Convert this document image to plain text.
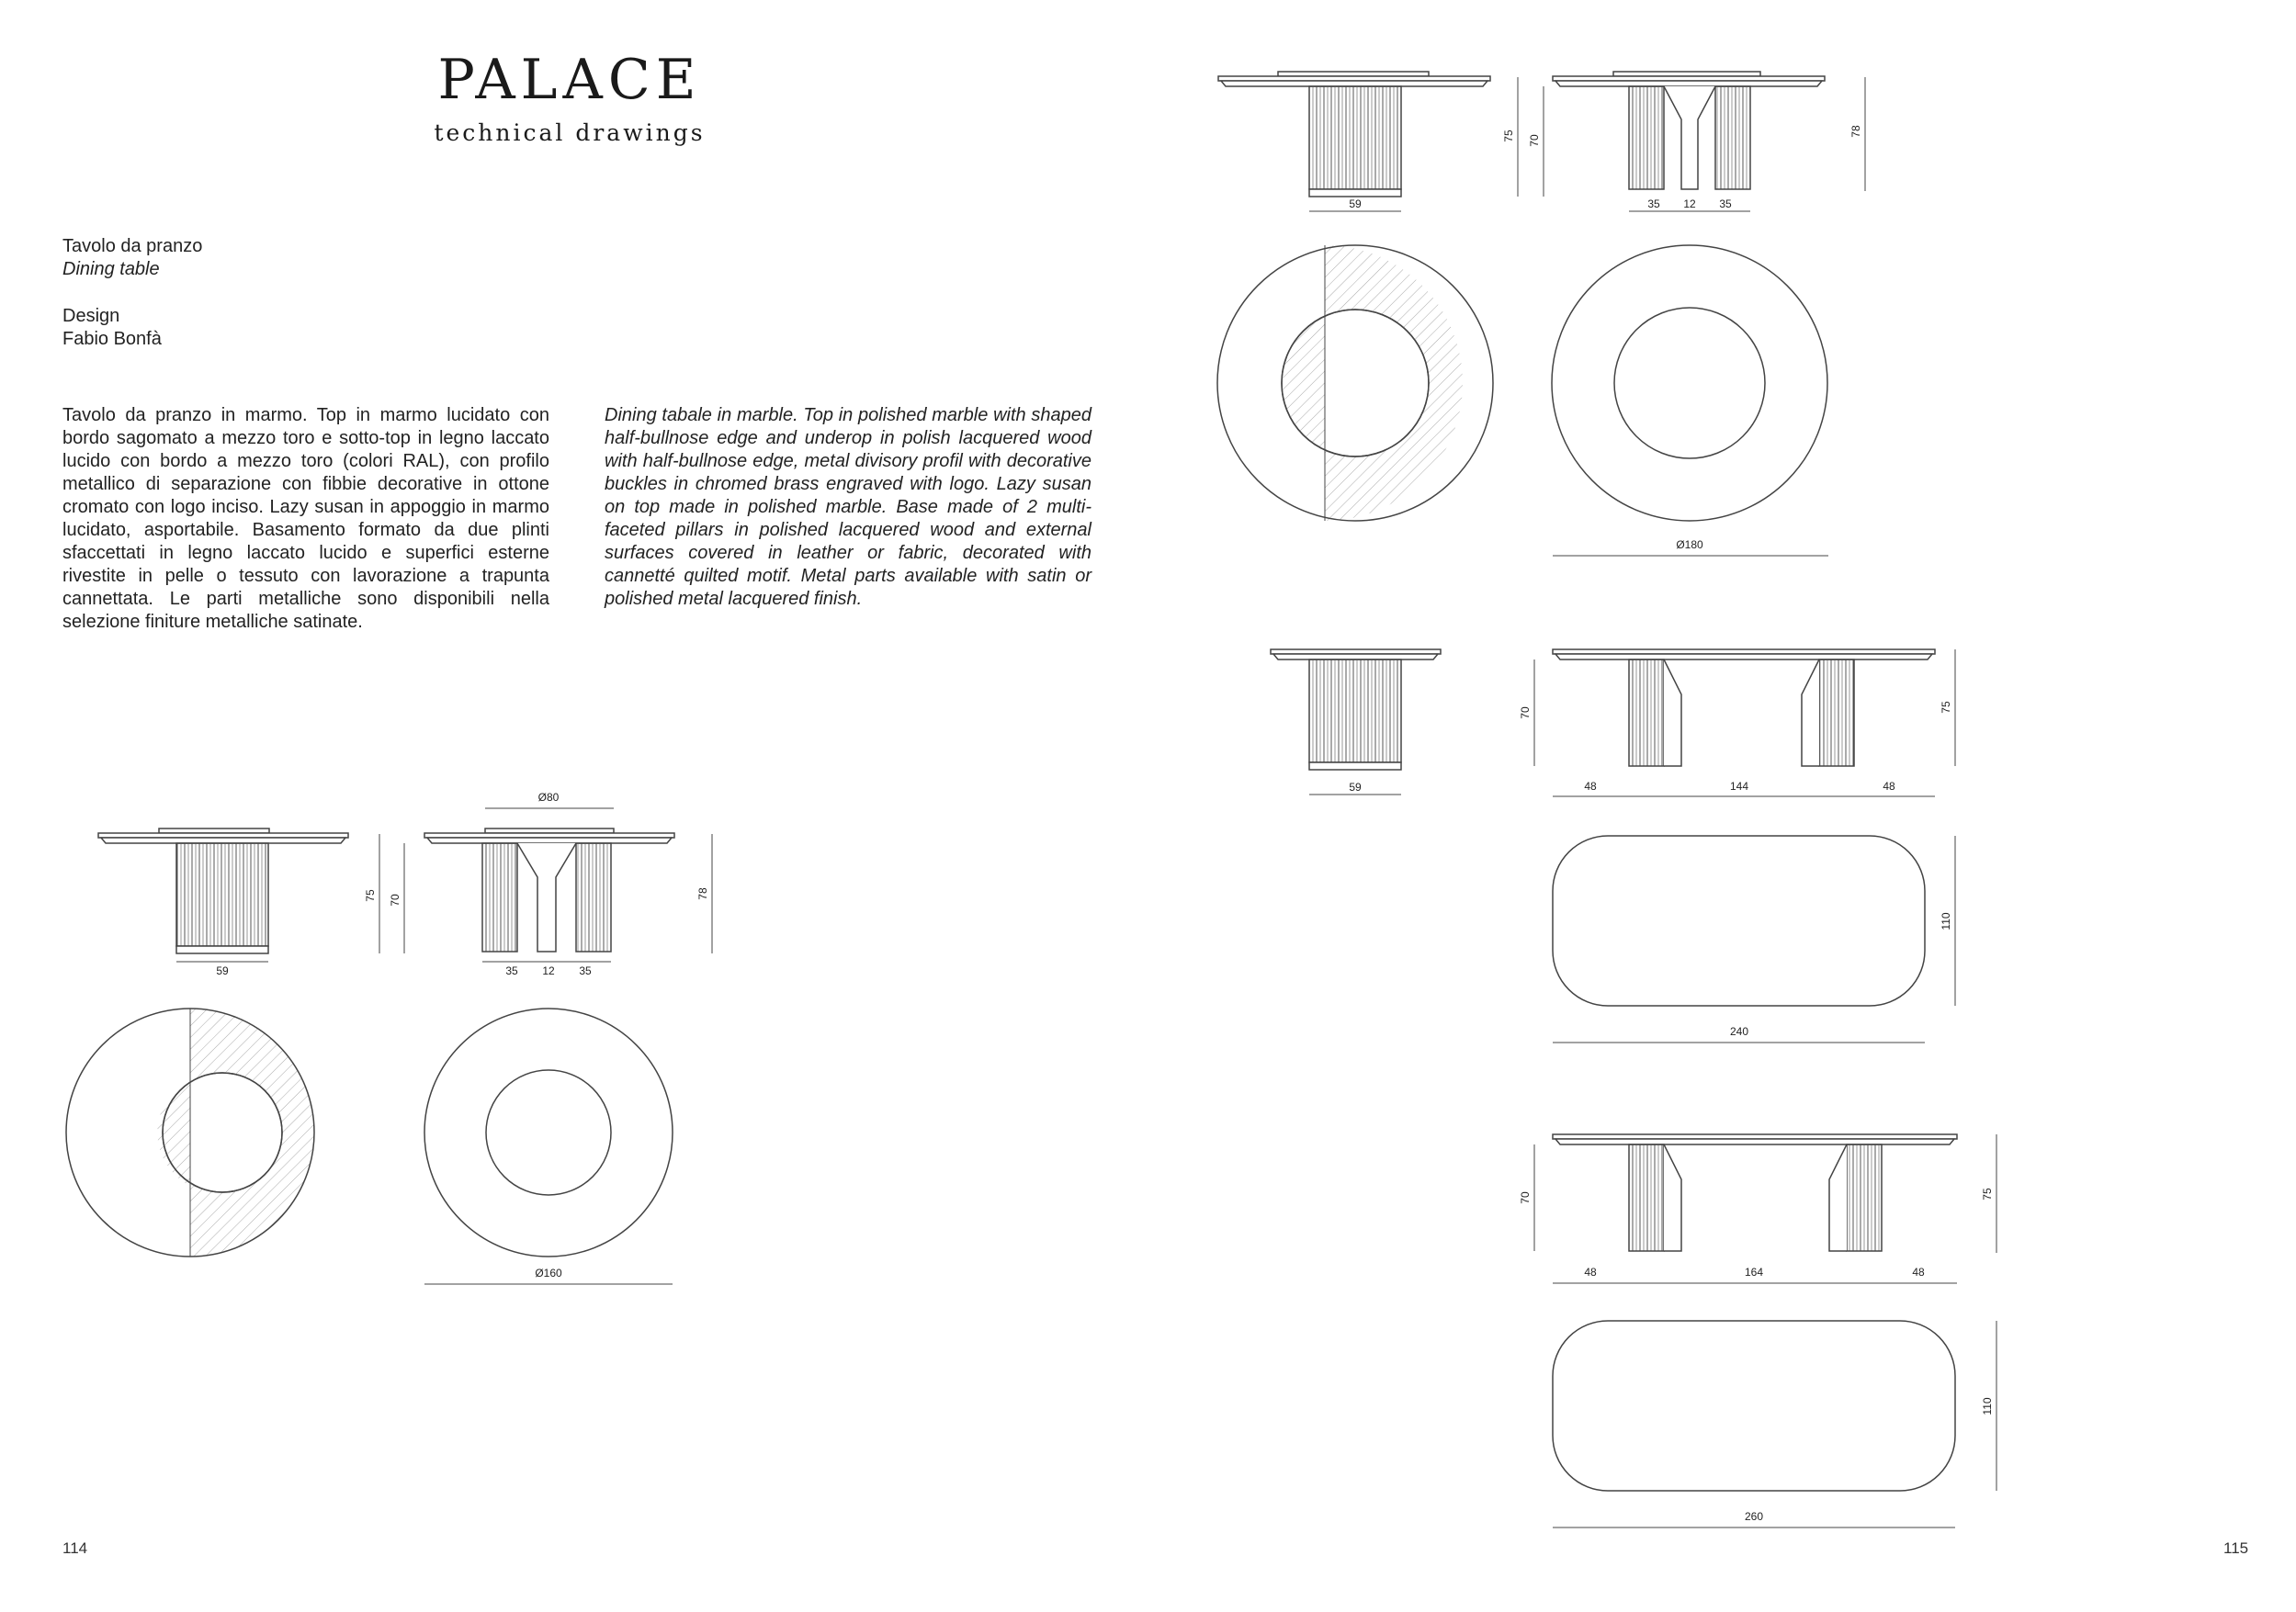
PALACE
technical drawings
Tavolo da pranzo
Dining table
Design
Fabio Bonfà
Tavolo da pranzo in marmo. Top in marmo lucidato con bordo sagomato a mezzo toro e sotto-top in legno laccato lucido con bordo a mezzo toro (colori RAL), con profilo metallico di separazione con fibbie decorative in ottone cromato con logo inciso. Lazy susan in appoggio in marmo lucidato, asportabile. Basamento formato da due plinti sfaccettati in legno laccato lucido e superfici esterne rivestite in pelle o tessuto con lavorazione a trapunta cannettata. Le parti metalliche sono disponibili nella selezione finiture metalliche satinate.
Dining tabale in marble. Top in polished marble with shaped half-bullnose edge and underop in polish lacquered wood with half-bullnose edge, metal divisory profil with decorative buckles in chromed brass engraved with logo. Lazy susan on top made in polished marble. Base made of 2 multi-faceted pillars in polished lacquered wood and external surfaces covered in leather or fabric, decorated with cannetté quilted motif. Metal parts available with satin or polished metal lacquered finish.
114	115
59
75 70
Ø80
35 12 35
78
Ø160
59
75 70
35 12 35
78
Ø180
59
70	75
48	144	48
240
110
70	75
48	164	48
260
110
